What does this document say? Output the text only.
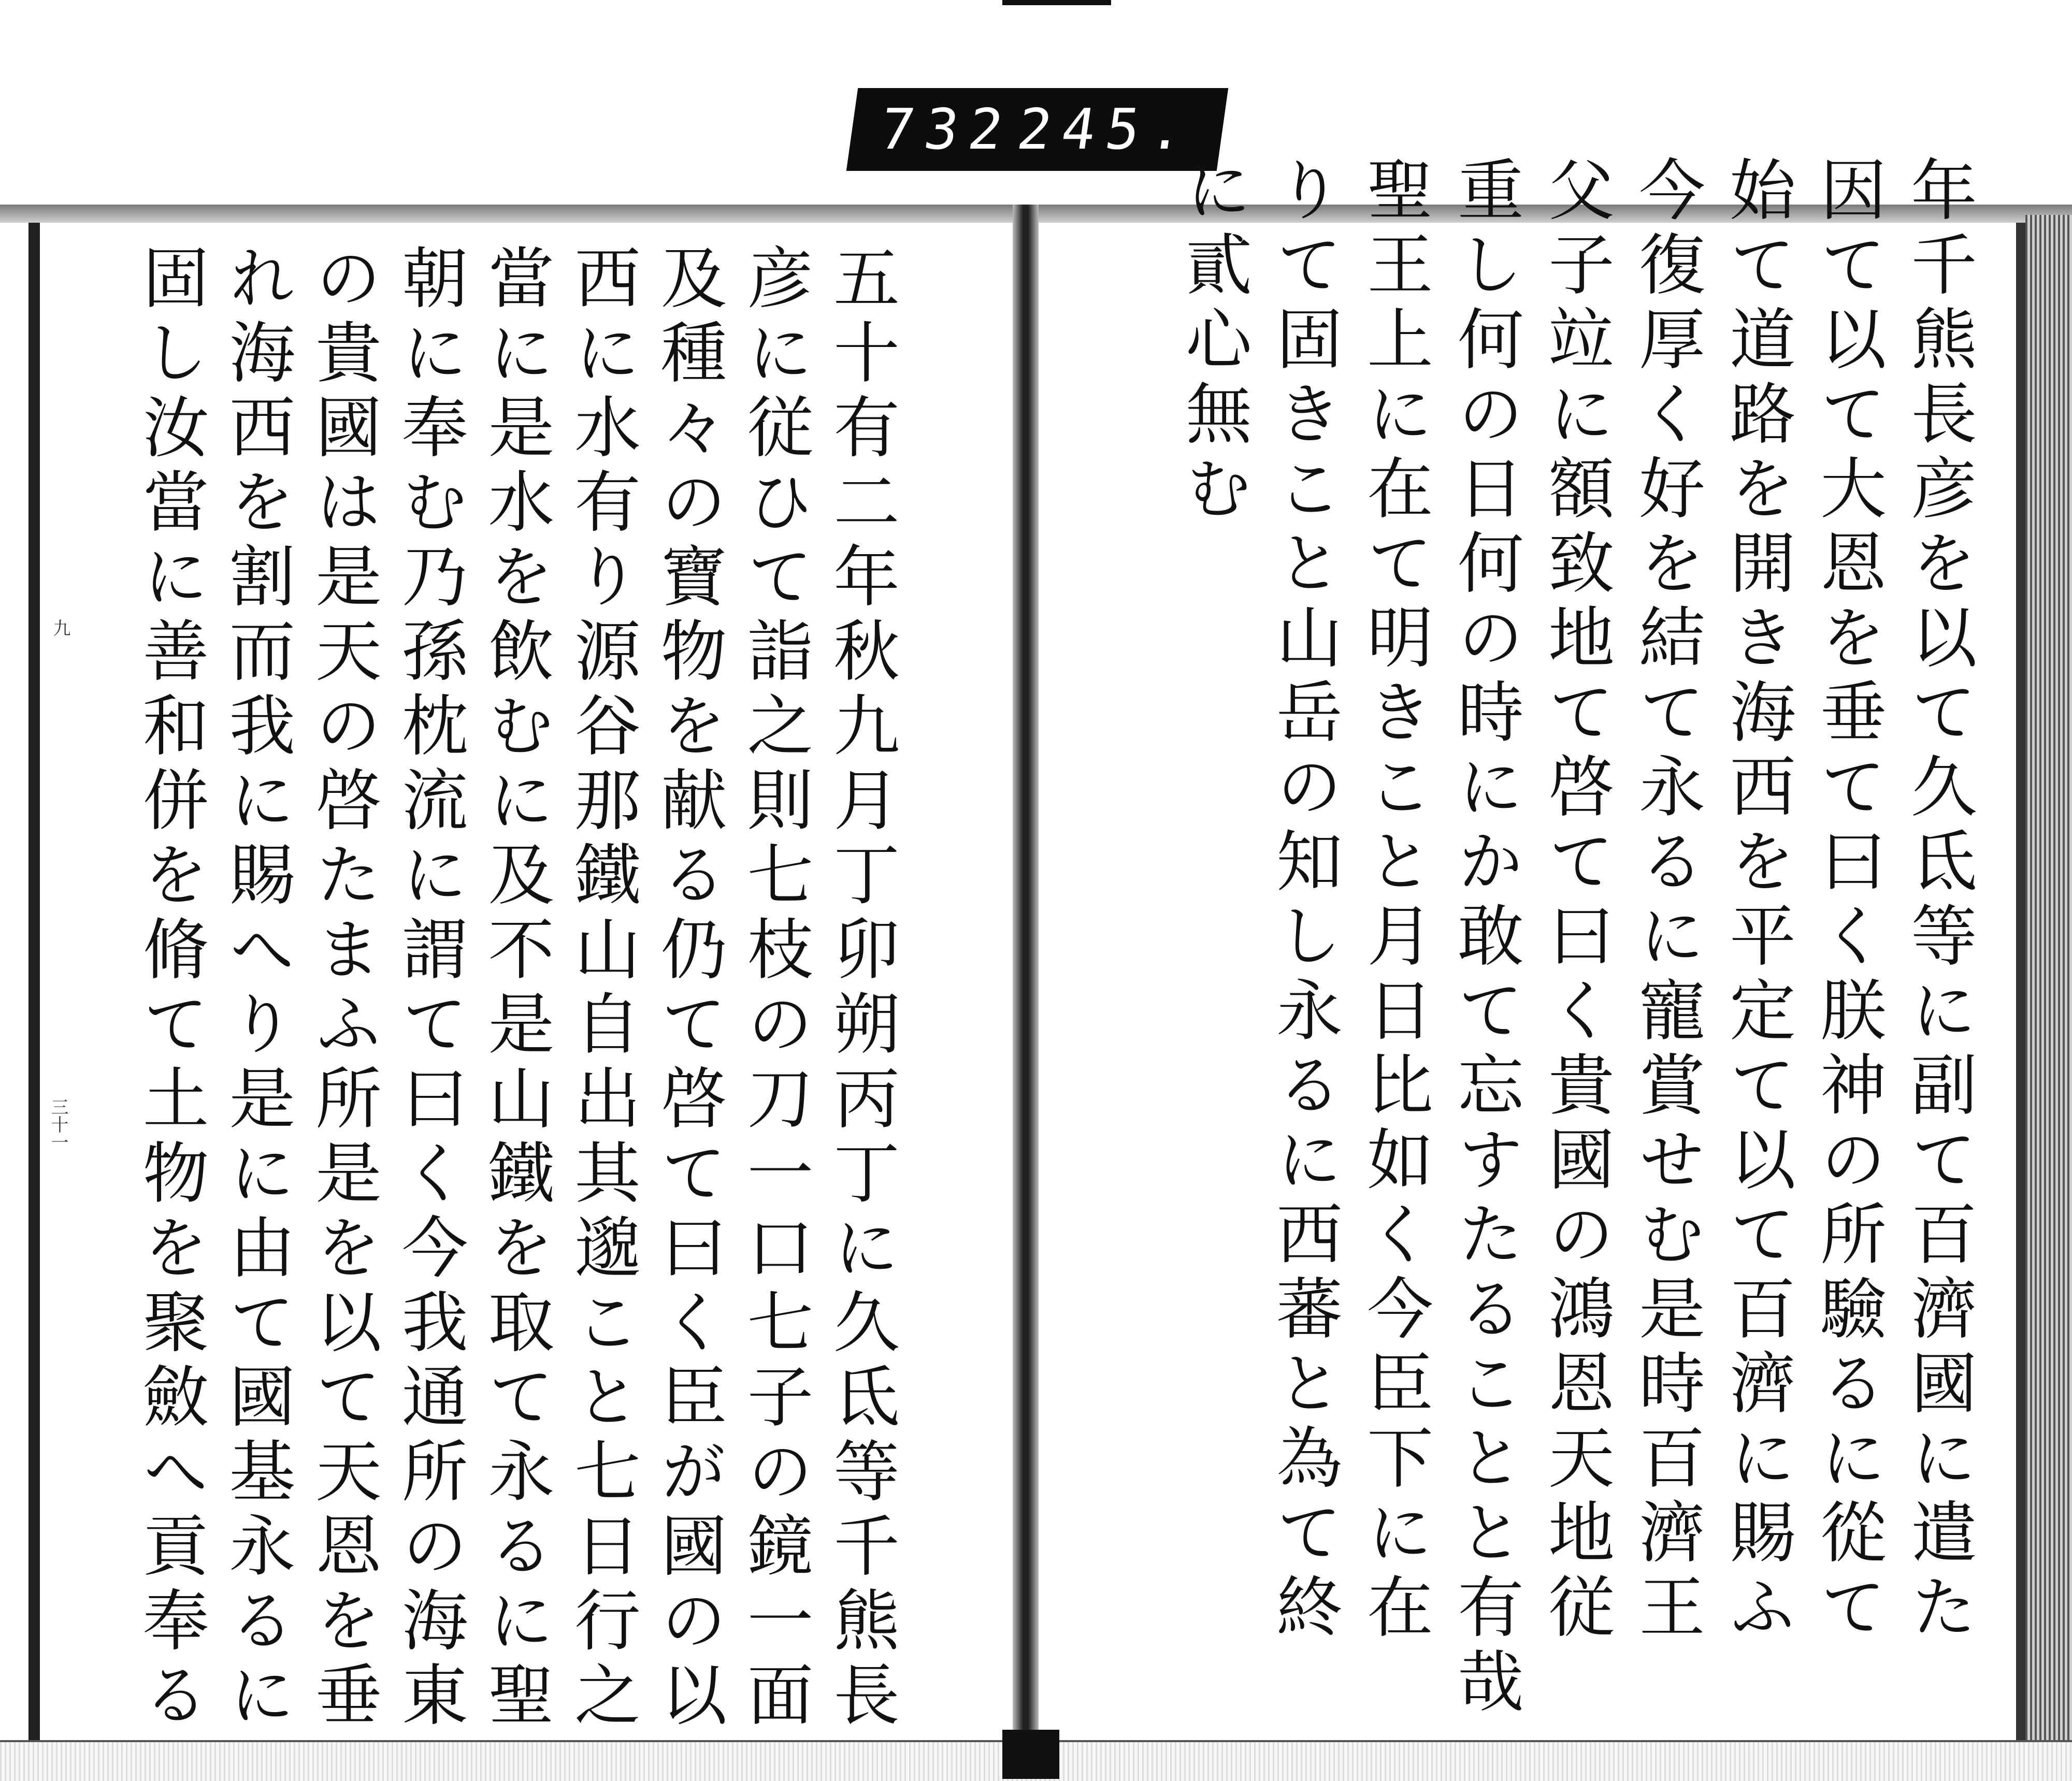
732
245.
九
三十一	五十有二年秋九月丁卯朔丙丁に久氐等千熊長

彦に従ひて詣之則七枝の刀一口七子の鏡一面

及種々の寶物を献る仍て啓て曰く臣が國の以

西に水有り源谷那鐵山自出其邈こと七日行之

當に是水を飲むに及不是山鐵を取て永るに聖

朝に奉む乃孫枕流に謂て曰く今我通所の海東

の貴國は是天の啓たまふ所是を以て天恩を垂

れ海西を割而我に賜へり是に由て國基永るに

固し汝當に善和併を脩て土物を聚斂へ貢奉る	年千熊長彦を以て久氐等に副て百濟國に遣た

因て以て大恩を垂て曰く朕神の所驗るに從て

始て道路を開き海西を平定て以て百濟に賜ふ

今復厚く好を結て永るに寵賞せむ是時百濟王

父子竝に額致地て啓て曰く貴國の鴻恩天地従

重し何の日何の時にか敢て忘すたることと有哉

聖王上に在て明きこと月日比如く今臣下に在

りて固きこと山岳の知し永るに西蕃と為て終

に貳心無む
